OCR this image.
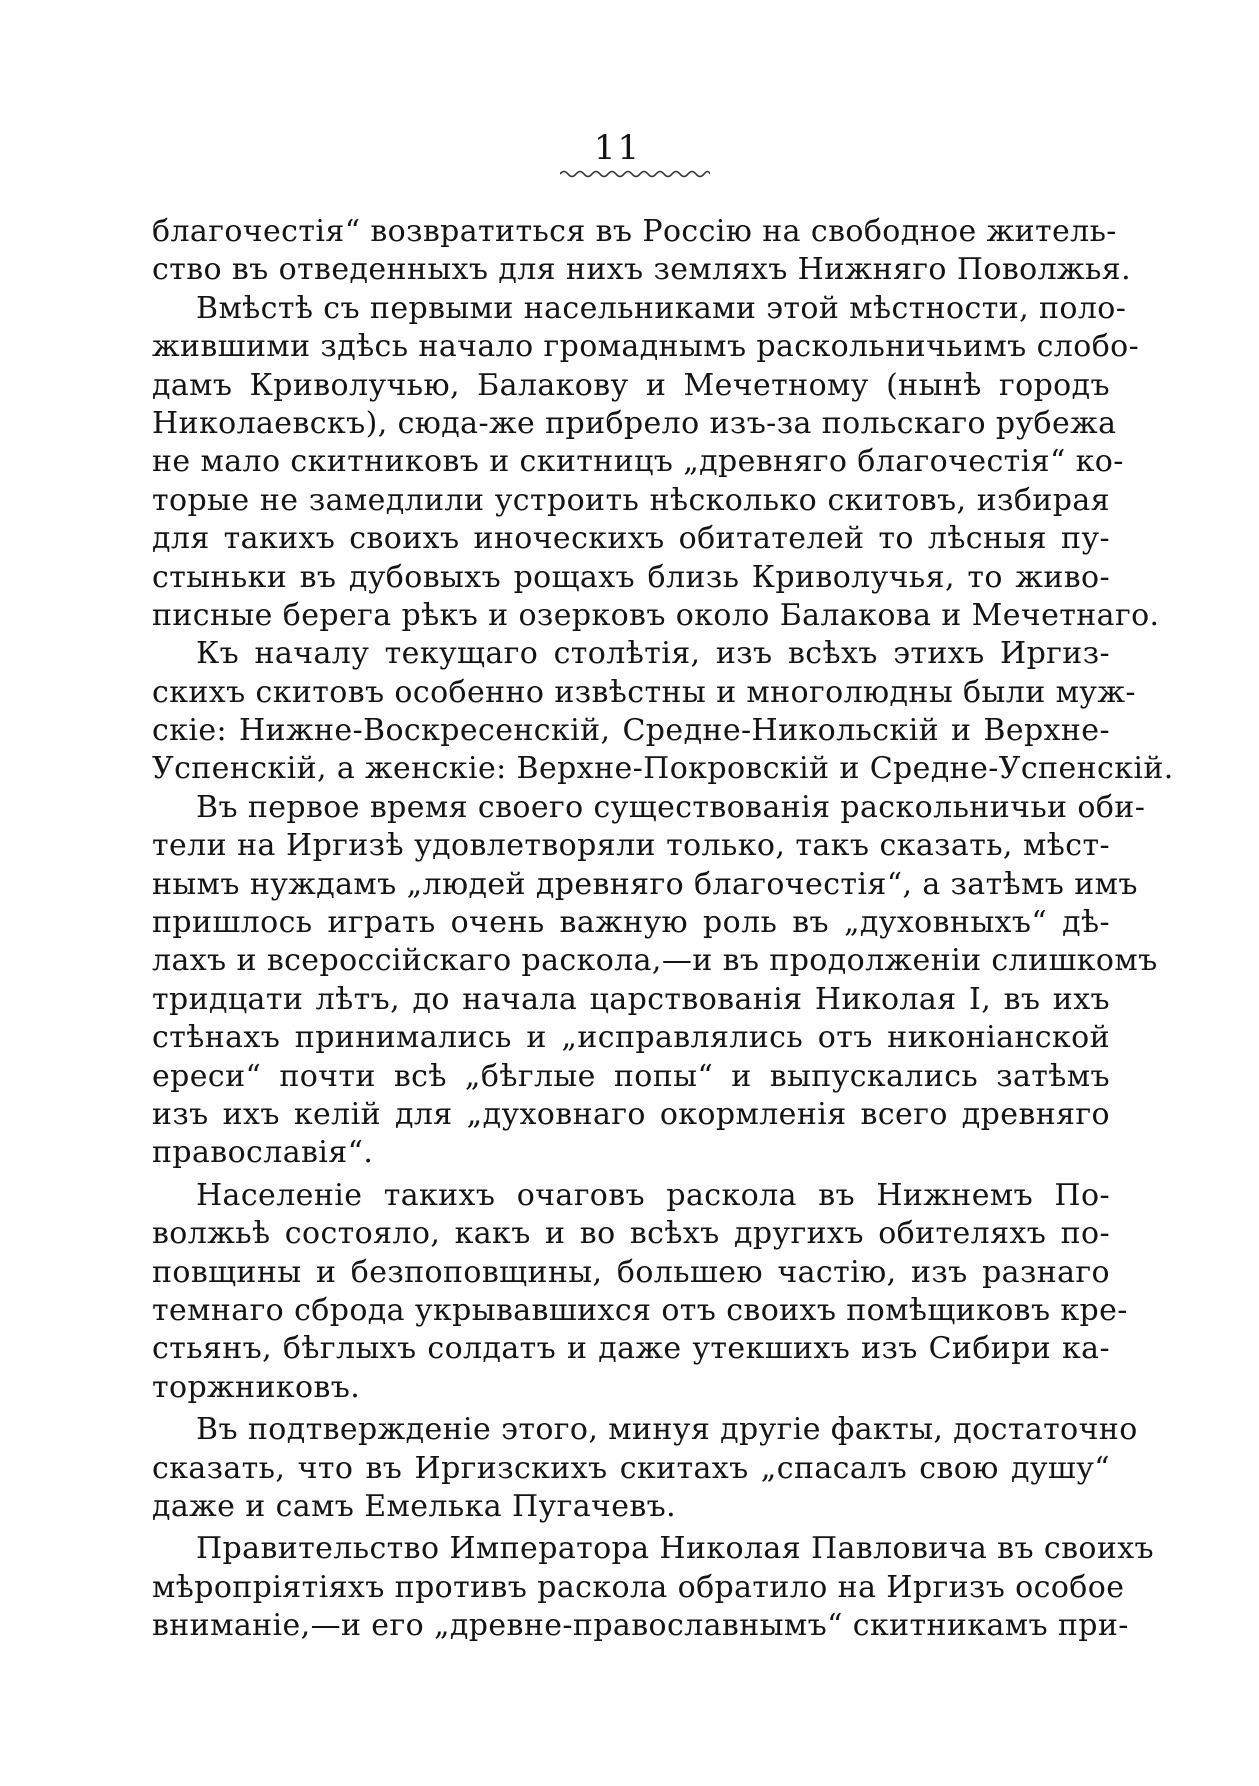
11
благочестія“ возвратиться въ Россію на свободное житель-
ство въ отведенныхъ для нихъ земляхъ Нижняго Поволжья.
Вмѣстѣ съ первыми насельниками этой мѣстности, поло-
жившими здѣсь начало громаднымъ раскольничьимъ слобо-
дамъ Криволучью, Балакову и Мечетному (нынѣ городъ
Николаевскъ), сюда-же прибрело изъ-за польскаго рубежа
не мало скитниковъ и скитницъ „древняго благочестія“ ко-
торые не замедлили устроить нѣсколько скитовъ, избирая
для такихъ своихъ иноческихъ обитателей то лѣсныя пу-
стыньки въ дубовыхъ рощахъ близь Криволучья, то живо-
писные берега рѣкъ и озерковъ около Балакова и Мечетнаго.
Къ началу текущаго столѣтія, изъ всѣхъ этихъ Иргиз-
скихъ скитовъ особенно извѣстны и многолюдны были муж-
скіе: Нижне-Воскресенскій, Средне-Никольскій и Верхне-
Успенскій, а женскіе: Верхне-Покровскій и Средне-Успенскій.
Въ первое время своего существованія раскольничьи оби-
тели на Иргизѣ удовлетворяли только, такъ сказать, мѣст-
нымъ нуждамъ „людей древняго благочестія“, а затѣмъ имъ
пришлось играть очень важную роль въ „духовныхъ“ дѣ-
лахъ и всероссійскаго раскола,—и въ продолженіи слишкомъ
тридцати лѣтъ, до начала царствованія Николая I, въ ихъ
стѣнахъ принимались и „исправлялись отъ никоніанской
ереси“ почти всѣ „бѣглые попы“ и выпускались затѣмъ
изъ ихъ келій для „духовнаго окормленія всего древняго
православія“.
Населеніе такихъ очаговъ раскола въ Нижнемъ По-
волжьѣ состояло, какъ и во всѣхъ другихъ обителяхъ по-
повщины и безпоповщины, большею частію, изъ разнаго
темнаго сброда укрывавшихся отъ своихъ помѣщиковъ кре-
стьянъ, бѣглыхъ солдатъ и даже утекшихъ изъ Сибири ка-
торжниковъ.
Въ подтвержденіе этого, минуя другіе факты, достаточно
сказать, что въ Иргизскихъ скитахъ „спасалъ свою душу“
даже и самъ Емелька Пугачевъ.
Правительство Императора Николая Павловича въ своихъ
мѣропріятіяхъ противъ раскола обратило на Иргизъ особое
вниманіе,—и его „древне-православнымъ“ скитникамъ при-
